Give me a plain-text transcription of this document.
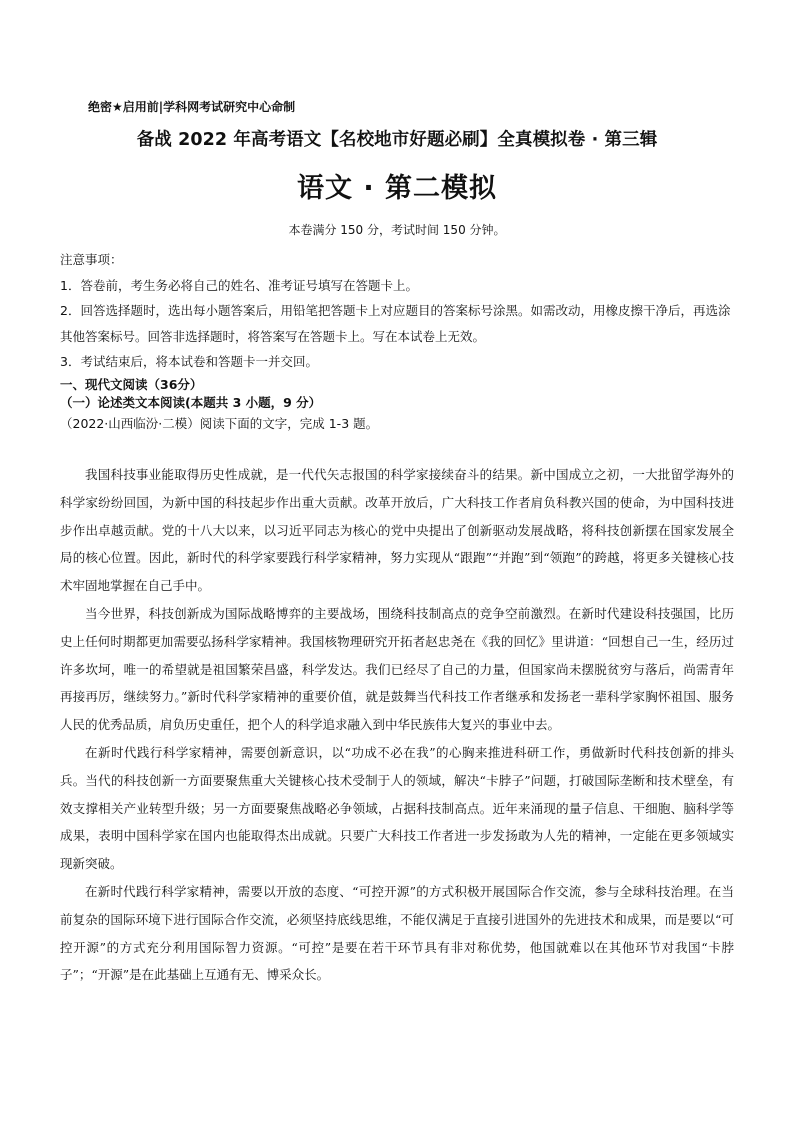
绝密★启用前|学科网考试研究中心命制
备战 2022 年高考语文【名校地市好题必刷】全真模拟卷 · 第三辑
语文 · 第二模拟
本卷满分 150 分，考试时间 150 分钟。

注意事项：

1．答卷前，考生务必将自己的姓名、准考证号填写在答题卡上。

2．回答选择题时，选出每小题答案后，用铅笔把答题卡上对应题目的答案标号涂黑。如需改动，用橡皮擦干净后，再选涂其他答案标号。回答非选择题时，将答案写在答题卡上。写在本试卷上无效。

3．考试结束后，将本试卷和答题卡一并交回。

一、现代文阅读（36分）

（一）论述类文本阅读(本题共 3 小题，9 分）

（2022·山西临汾·二模）阅读下面的文字，完成 1-3 题。

我国科技事业能取得历史性成就，是一代代矢志报国的科学家接续奋斗的结果。新中国成立之初，一大批留学海外的科学家纷纷回国，为新中国的科技起步作出重大贡献。改革开放后，广大科技工作者肩负科教兴国的使命，为中国科技进步作出卓越贡献。党的十八大以来，以习近平同志为核心的党中央提出了创新驱动发展战略，将科技创新摆在国家发展全局的核心位置。因此，新时代的科学家要践行科学家精神，努力实现从“跟跑”“并跑”到“领跑”的跨越，将更多关键核心技术牢固地掌握在自己手中。

当今世界，科技创新成为国际战略博弈的主要战场，围绕科技制高点的竞争空前激烈。在新时代建设科技强国，比历史上任何时期都更加需要弘扬科学家精神。我国核物理研究开拓者赵忠尧在《我的回忆》里讲道：“回想自己一生，经历过许多坎坷，唯一的希望就是祖国繁荣昌盛，科学发达。我们已经尽了自己的力量，但国家尚未摆脱贫穷与落后，尚需青年再接再厉，继续努力。”新时代科学家精神的重要价值，就是鼓舞当代科技工作者继承和发扬老一辈科学家胸怀祖国、服务人民的优秀品质，肩负历史重任，把个人的科学追求融入到中华民族伟大复兴的事业中去。

在新时代践行科学家精神，需要创新意识，以“功成不必在我”的心胸来推进科研工作，勇做新时代科技创新的排头兵。当代的科技创新一方面要聚焦重大关键核心技术受制于人的领域，解决“卡脖子”问题，打破国际垄断和技术壁垒，有效支撑相关产业转型升级；另一方面要聚焦战略必争领域，占据科技制高点。近年来涌现的量子信息、干细胞、脑科学等成果，表明中国科学家在国内也能取得杰出成就。只要广大科技工作者进一步发扬敢为人先的精神，一定能在更多领域实现新突破。

在新时代践行科学家精神，需要以开放的态度、“可控开源”的方式积极开展国际合作交流，参与全球科技治理。在当前复杂的国际环境下进行国际合作交流，必须坚持底线思维，不能仅满足于直接引进国外的先进技术和成果，而是要以“可控开源”的方式充分利用国际智力资源。“可控”是要在若干环节具有非对称优势，他国就难以在其他环节对我国“卡脖子”；“开源”是在此基础上互通有无、博采众长。
